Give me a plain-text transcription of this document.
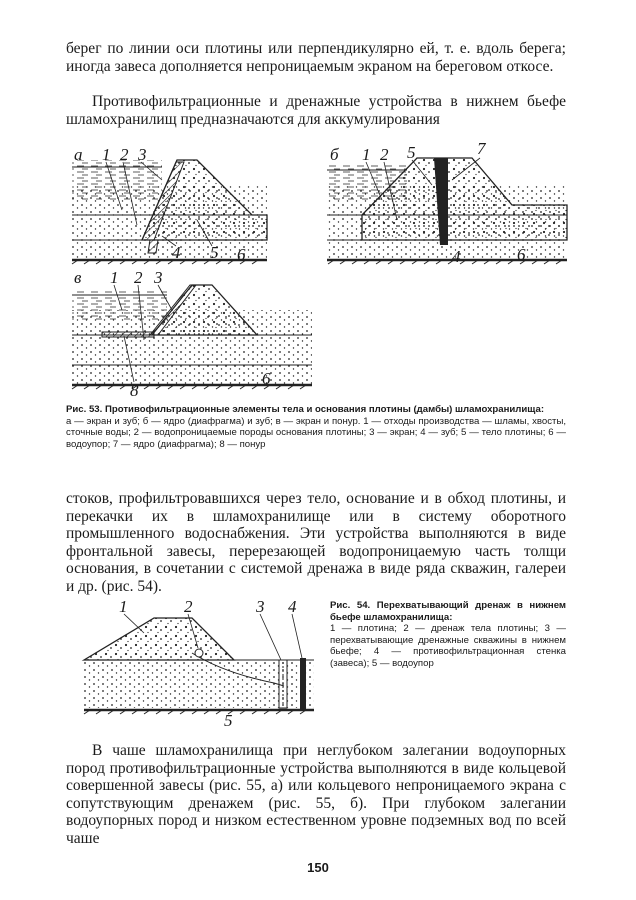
берег по линии оси плотины или перпендикулярно ей, т. е. вдоль берега; иногда завеса дополняется непроницаемым экраном на береговом откосе.

Противофильтрационные и дренажные устройства в нижнем бьефе шламохранилищ предназначаются для аккумулирования

а 1 2 3
4 5 6
б 1 2 5	7
4	6
в 1 2 3
8
6

Рис. 53. Противофильтрационные элементы тела и основания плотины (дамбы) шламохранилища:
а — экран и зуб; б — ядро (диафрагма) и зуб; в — экран и понур. 1 — отходы производства — шламы, хвосты, сточные воды; 2 — водопроницаемые породы основания плотины; 3 — экран; 4 — зуб; 5 — тело плотины; 6 — водоупор; 7 — ядро (диафрагма); 8 — понур

стоков, профильтровавшихся через тело, основание и в обход плотины, и перекачки их в шламохранилище или в систему оборотного промышленного водоснабжения. Эти устройства выполняются в виде фронтальной завесы, перерезающей водопроницаемую часть толщи основания, в сочетании с системой дренажа в виде ряда скважин, галереи и др. (рис. 54).

1	2	3 4
5

Рис. 54. Перехватывающий дренаж в нижнем бьефе шламохранилища:
1 — плотина; 2 — дренаж тела плотины; 3 — перехватывающие дренажные скважины в нижнем бьефе; 4 — противофильтрационная стенка (завеса); 5 — водоупор

В чаше шламохранилища при неглубоком залегании водоупорных пород противофильтрационные устройства выполняются в виде кольцевой совершенной завесы (рис. 55, а) или кольцевого непроницаемого экрана с сопутствующим дренажем (рис. 55, б). При глубоком залегании водоупорных пород и низком естественном уровне подземных вод по всей чаше

150
